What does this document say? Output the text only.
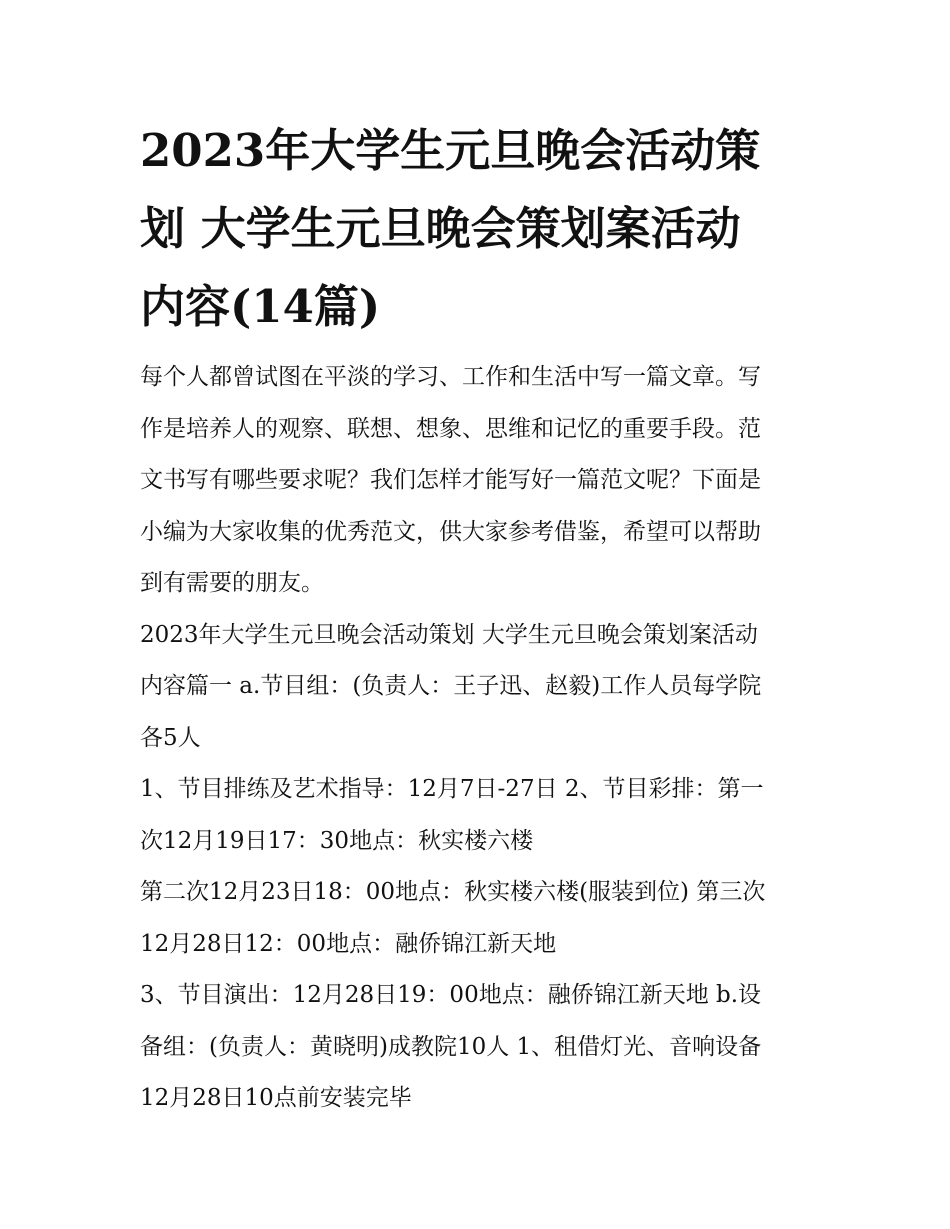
2023年大学生元旦晚会活动策
划 大学生元旦晚会策划案活动
内容(14篇)
每个人都曾试图在平淡的学习、工作和生活中写一篇文章。写
作是培养人的观察、联想、想象、思维和记忆的重要手段。范
文书写有哪些要求呢？我们怎样才能写好一篇范文呢？下面是
小编为大家收集的优秀范文，供大家参考借鉴，希望可以帮助
到有需要的朋友。
2023年大学生元旦晚会活动策划 大学生元旦晚会策划案活动
内容篇一 a.节目组：(负责人：王子迅、赵毅)工作人员每学院
各5人
1、节目排练及艺术指导：12月7日-27日 2、节目彩排：第一
次12月19日17：30地点：秋实楼六楼
第二次12月23日18：00地点：秋实楼六楼(服装到位) 第三次
12月28日12：00地点：融侨锦江新天地
3、节目演出：12月28日19：00地点：融侨锦江新天地 b.设
备组：(负责人：黄晓明)成教院10人 1、租借灯光、音响设备
12月28日10点前安装完毕
